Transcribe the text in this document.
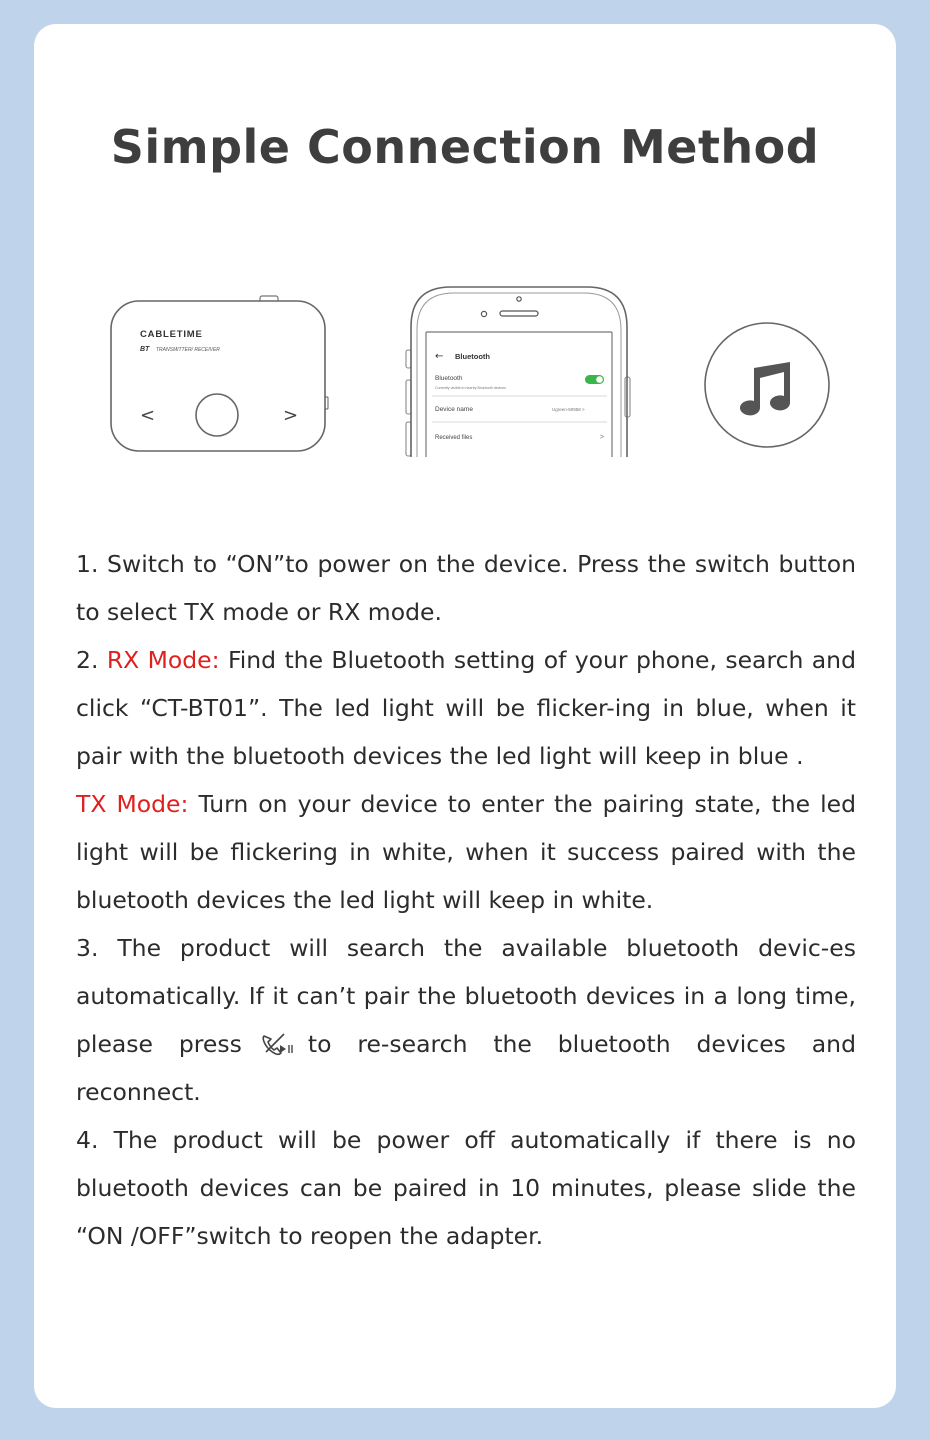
Simple Connection Method
CABLETIME
BT TRANSMITTER/ RECEIVER
<	>
← Bluetooth
Bluetooth
Currently visible to nearby Bluetooth devices
Device name	Ugreen-50958 >
Received files	>

1. Switch to “ON”to power on the device. Press the switch button to select TX mode or RX mode.

2. RX Mode: Find the Bluetooth setting of your phone, search and click “CT-BT01”. The led light will be flicker-ing in blue, when it pair with the bluetooth devices the led light will keep in blue .

TX Mode: Turn on your device to enter the pairing state, the led light will be flickering in white, when it success paired with the bluetooth devices the led light will keep in white.

3. The product will search the available bluetooth devic-es automatically. If it can’t pair the bluetooth devices in a long time, please press	to re-search the bluetooth devices and reconnect.

4. The product will be power off automatically if there is no bluetooth devices can be paired in 10 minutes, please slide the “ON /OFF”switch to reopen the adapter.
